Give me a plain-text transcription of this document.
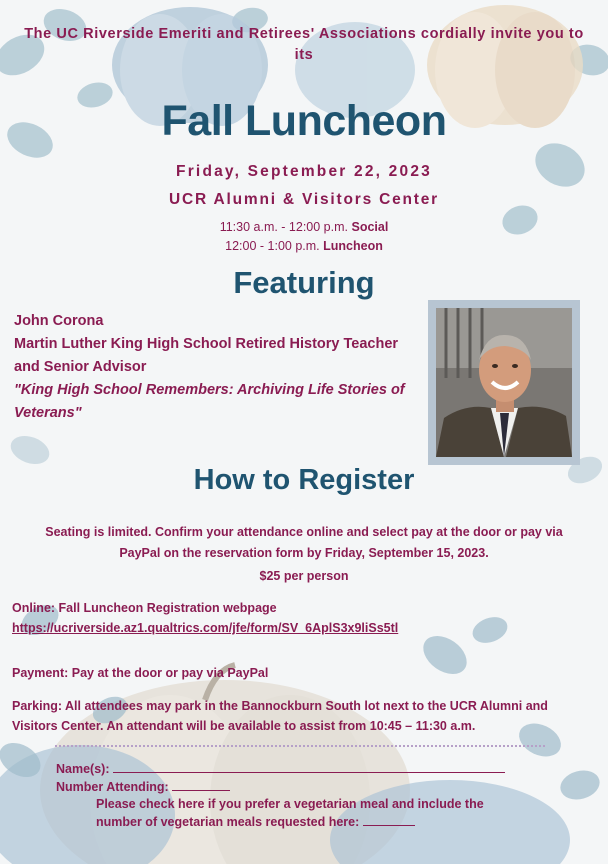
The UC Riverside Emeriti and Retirees' Associations cordially invite you to its
Fall Luncheon
Friday, September 22, 2023
UCR Alumni & Visitors Center
11:30 a.m. - 12:00 p.m. Social
12:00 - 1:00 p.m. Luncheon
Featuring
John Corona
Martin Luther King High School Retired History Teacher and Senior Advisor
"King High School Remembers: Archiving Life Stories of Veterans"
How to Register
Seating is limited. Confirm your attendance online and select pay at the door or pay via PayPal on the reservation form by Friday, September 15, 2023.
$25 per person
Online: Fall Luncheon Registration webpage
https://ucriverside.az1.qualtrics.com/jfe/form/SV_6AplS3x9liSs5tl
Payment: Pay at the door or pay via PayPal
Parking: All attendees may park in the Bannockburn South lot next to the UCR Alumni and Visitors Center. An attendant will be available to assist from 10:45 – 11:30 a.m.
Name(s):
Number Attending:
Please check here if you prefer a vegetarian meal and include the number of vegetarian meals requested here:
